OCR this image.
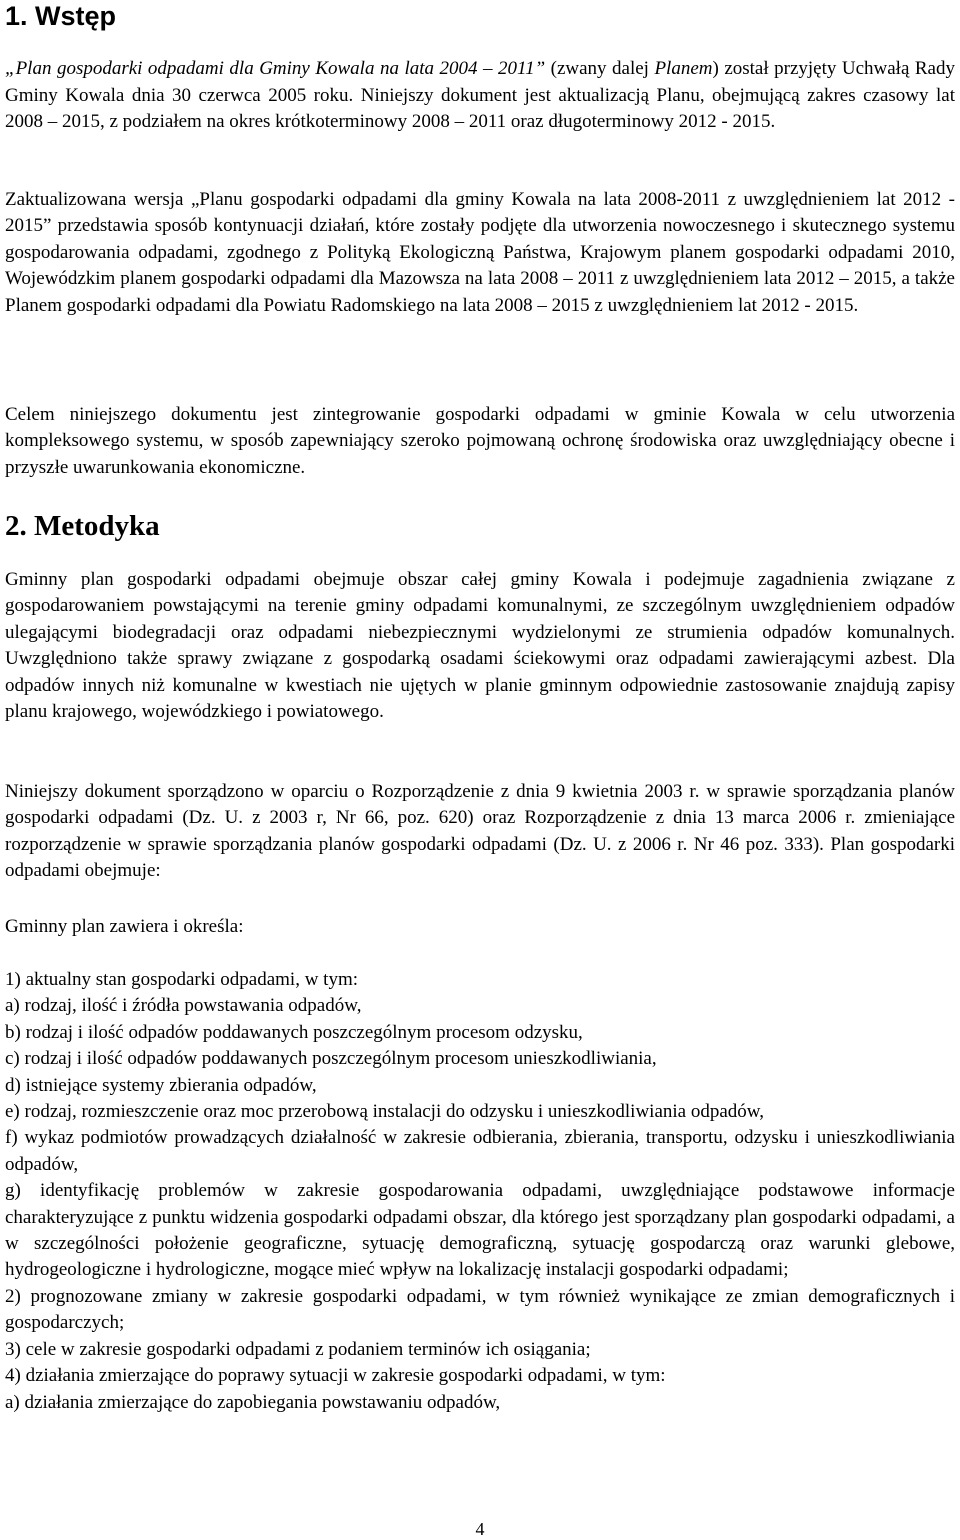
1. Wstęp

„Plan gospodarki odpadami dla Gminy Kowala na lata 2004 – 2011” (zwany dalej Planem) został przyjęty Uchwałą Rady Gminy Kowala dnia 30 czerwca 2005 roku. Niniejszy dokument jest aktualizacją Planu, obejmującą zakres czasowy lat 2008 – 2015, z podziałem na okres krótkoterminowy 2008 – 2011 oraz długoterminowy 2012 - 2015.

Zaktualizowana wersja „Planu gospodarki odpadami dla gminy Kowala na lata 2008-2011 z uwzględnieniem lat 2012 - 2015” przedstawia sposób kontynuacji działań, które zostały podjęte dla utworzenia nowoczesnego i skutecznego systemu gospodarowania odpadami, zgodnego z Polityką Ekologiczną Państwa, Krajowym planem gospodarki odpadami 2010, Wojewódzkim planem gospodarki odpadami dla Mazowsza na lata 2008 – 2011 z uwzględnieniem lata 2012 – 2015, a także Planem gospodarki odpadami dla Powiatu Radomskiego na lata 2008 – 2015 z uwzględnieniem lat 2012 - 2015.

Celem niniejszego dokumentu jest zintegrowanie gospodarki odpadami w gminie Kowala w celu utworzenia kompleksowego systemu, w sposób zapewniający szeroko pojmowaną ochronę środowiska oraz uwzględniający obecne i przyszłe uwarunkowania ekonomiczne.

2. Metodyka

Gminny plan gospodarki odpadami obejmuje obszar całej gminy Kowala i podejmuje zagadnienia związane z gospodarowaniem powstającymi na terenie gminy odpadami komunalnymi, ze szczególnym uwzględnieniem odpadów ulegającymi biodegradacji oraz odpadami niebezpiecznymi wydzielonymi ze strumienia odpadów komunalnych. Uwzględniono także sprawy związane z gospodarką osadami ściekowymi oraz odpadami zawierającymi azbest. Dla odpadów innych niż komunalne w kwestiach nie ujętych w planie gminnym odpowiednie zastosowanie znajdują zapisy planu krajowego, wojewódzkiego i powiatowego.

Niniejszy dokument sporządzono w oparciu o Rozporządzenie z dnia 9 kwietnia 2003 r. w sprawie sporządzania planów gospodarki odpadami (Dz. U. z 2003 r, Nr 66, poz. 620) oraz Rozporządzenie z dnia 13 marca 2006 r. zmieniające rozporządzenie w sprawie sporządzania planów gospodarki odpadami (Dz. U. z 2006 r. Nr 46 poz. 333). Plan gospodarki odpadami obejmuje:

Gminny plan zawiera i określa:

1) aktualny stan gospodarki odpadami, w tym:
a) rodzaj, ilość i źródła powstawania odpadów,
b) rodzaj i ilość odpadów poddawanych poszczególnym procesom odzysku,
c) rodzaj i ilość odpadów poddawanych poszczególnym procesom unieszkodliwiania,
d) istniejące systemy zbierania odpadów,
e) rodzaj, rozmieszczenie oraz moc przerobową instalacji do odzysku i unieszkodliwiania odpadów,
f) wykaz podmiotów prowadzących działalność w zakresie odbierania, zbierania, transportu, odzysku i unieszkodliwiania odpadów,
g) identyfikację problemów w zakresie gospodarowania odpadami, uwzględniające podstawowe informacje charakteryzujące z punktu widzenia gospodarki odpadami obszar, dla którego jest sporządzany plan gospodarki odpadami, a w szczególności położenie geograficzne, sytuację demograficzną, sytuację gospodarczą oraz warunki glebowe, hydrogeologiczne i hydrologiczne, mogące mieć wpływ na lokalizację instalacji gospodarki odpadami;
2) prognozowane zmiany w zakresie gospodarki odpadami, w tym również wynikające ze zmian demograficznych i gospodarczych;
3) cele w zakresie gospodarki odpadami z podaniem terminów ich osiągania;
4) działania zmierzające do poprawy sytuacji w zakresie gospodarki odpadami, w tym:
a) działania zmierzające do zapobiegania powstawaniu odpadów,
4
